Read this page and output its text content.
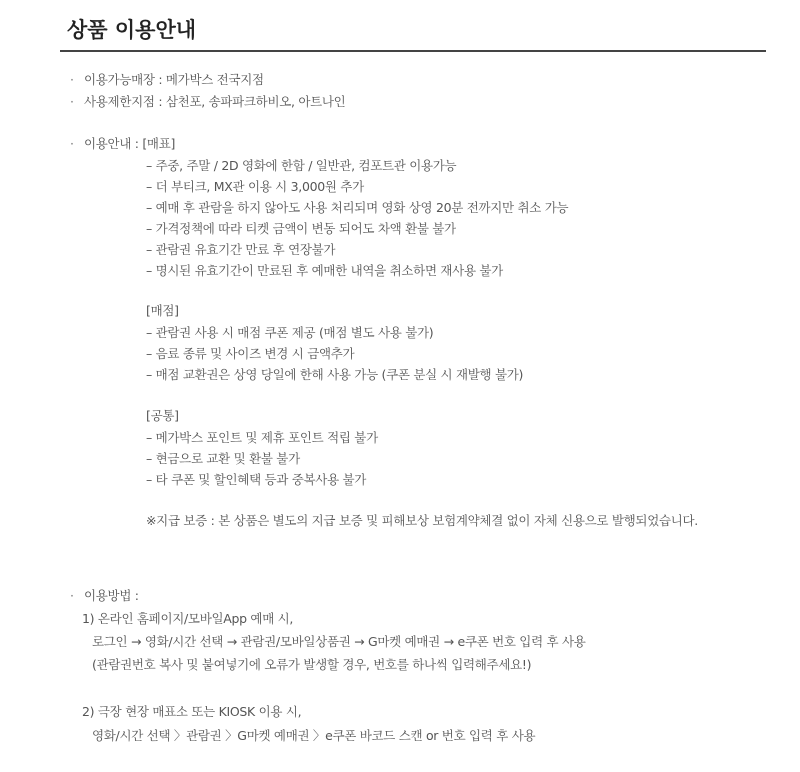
상품 이용안내
· 이용가능매장 : 메가박스 전국지점
· 사용제한지점 : 삼천포, 송파파크하비오, 아트나인
· 이용안내 : [매표]
– 주중, 주말 / 2D 영화에 한함 / 일반관, 컴포트관 이용가능
– 더 부티크, MX관 이용 시 3,000원 추가
– 예매 후 관람을 하지 않아도 사용 처리되며 영화 상영 20분 전까지만 취소 가능
– 가격정책에 따라 티켓 금액이 변동 되어도 차액 환불 불가
– 관람권 유효기간 만료 후 연장불가
– 명시된 유효기간이 만료된 후 예매한 내역을 취소하면 재사용 불가
[매점]
– 관람권 사용 시 매점 쿠폰 제공 (매점 별도 사용 불가)
– 음료 종류 및 사이즈 변경 시 금액추가
– 매점 교환권은 상영 당일에 한해 사용 가능 (쿠폰 분실 시 재발행 불가)
[공통]
– 메가박스 포인트 및 제휴 포인트 적립 불가
– 현금으로 교환 및 환불 불가
– 타 쿠폰 및 할인혜택 등과 중복사용 불가
※지급 보증 : 본 상품은 별도의 지급 보증 및 피해보상 보험계약체결 없이 자체 신용으로 발행되었습니다.
· 이용방법 :
1) 온라인 홈페이지/모바일App 예매 시,
로그인 → 영화/시간 선택 → 관람권/모바일상품권 → G마켓 예매권 → e쿠폰 번호 입력 후 사용
(관람권번호 복사 및 붙여넣기에 오류가 발생할 경우, 번호를 하나씩 입력해주세요!)
2) 극장 현장 매표소 또는 KIOSK 이용 시,
영화/시간 선택 〉관람권 〉G마켓 예매권 〉e쿠폰 바코드 스캔 or 번호 입력 후 사용
